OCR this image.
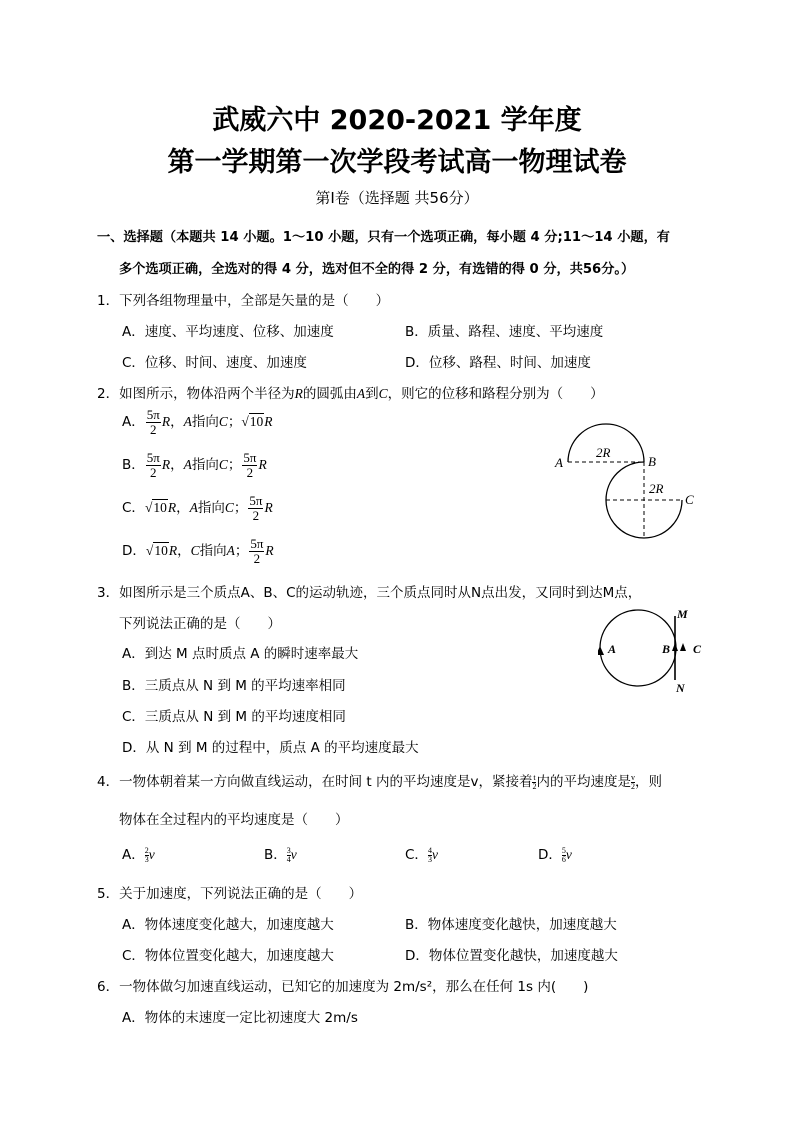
武威六中 2020-2021 学年度
第一学期第一次学段考试高一物理试卷
第Ⅰ卷（选择题 共56分）
一、选择题（本题共 14 小题。1～10 小题，只有一个选项正确，每小题 4 分;11～14 小题，有
多个选项正确，全选对的得 4 分，选对但不全的得 2 分，有选错的得 0 分，共56分。）
1．下列各组物理量中，全部是矢量的是（　　）
A．速度、平均速度、位移、加速度	B．质量、路程、速度、平均速度
C．位移、时间、速度、加速度	D．位移、路程、时间、加速度
2．如图所示，物体沿两个半径为R的圆弧由A到C，则它的位移和路程分别为（　　）
A． $\frac{5\pi}{2}$ R，A指向C；√10R
B． $\frac{5\pi}{2}$ R，A指向C； $\frac{5\pi}{2}$ R
C．√10R，A指向C； $\frac{5\pi}{2}$ R
D．√10R，C指向A； $\frac{5\pi}{2}$ R
2R
A	B
2R
C
3．如图所示是三个质点A、B、C的运动轨迹，三个质点同时从N点出发，又同时到达M点，
下列说法正确的是（　　）
A．到达 M 点时质点 A 的瞬时速率最大
B．三质点从 N 到 M 的平均速率相同
C．三质点从 N 到 M 的平均速度相同
D．从 N 到 M 的过程中，质点 A 的平均速度最大
M
A	B C
N
4．一物体朝着某一方向做直线运动，在时间 t 内的平均速度是v，紧接着 $\frac{t}{2}$ 内的平均速度是 $\frac{v}{2}$ ，则
物体在全过程内的平均速度是（　　）
A． $\frac{2}{3}$ v	B． $\frac{3}{4}$ v	C． $\frac{4}{3}$ v	D． $\frac{5}{6}$ v
5．关于加速度，下列说法正确的是（　　）
A．物体速度变化越大，加速度越大	B．物体速度变化越快，加速度越大
C．物体位置变化越大，加速度越大	D．物体位置变化越快，加速度越大
6．一物体做匀加速直线运动，已知它的加速度为 2m/s²，那么在任何 1s 内(　　)
A．物体的末速度一定比初速度大 2m/s
